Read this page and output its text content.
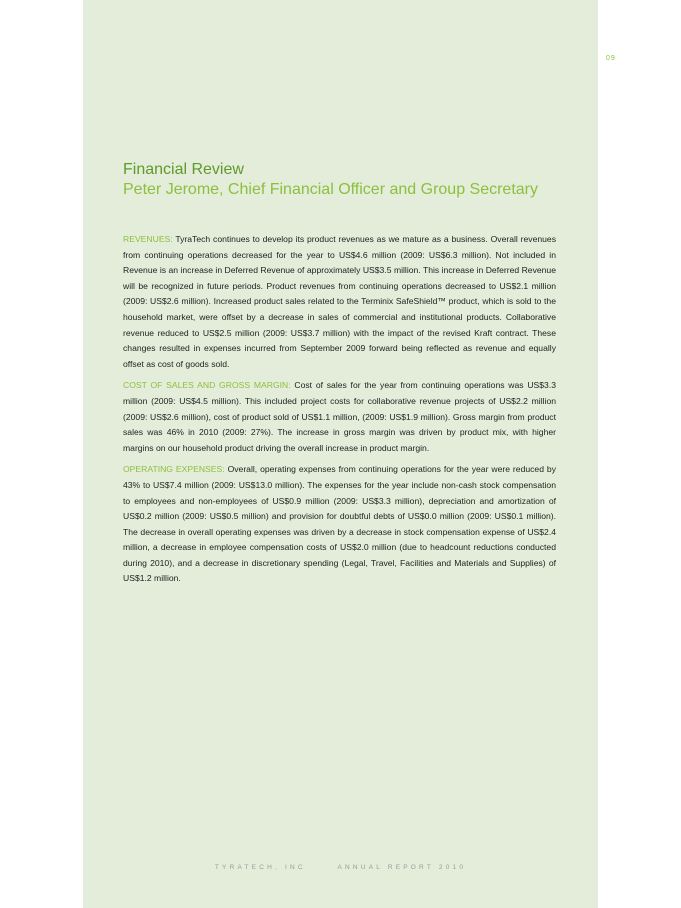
09
Financial Review
Peter Jerome, Chief Financial Officer and Group Secretary

REVENUES: TyraTech continues to develop its product revenues as we mature as a business. Overall revenues from continuing operations decreased for the year to US$4.6 million (2009: US$6.3 million). Not included in Revenue is an increase in Deferred Revenue of approximately US$3.5 million. This increase in Deferred Revenue will be recognized in future periods. Product revenues from continuing operations decreased to US$2.1 million (2009: US$2.6 million). Increased product sales related to the Terminix SafeShield™ product, which is sold to the household market, were offset by a decrease in sales of commercial and institutional products. Collaborative revenue reduced to US$2.5 million (2009: US$3.7 million) with the impact of the revised Kraft contract. These changes resulted in expenses incurred from September 2009 forward being reflected as revenue and equally offset as cost of goods sold.

COST OF SALES AND GROSS MARGIN: Cost of sales for the year from continuing operations was US$3.3 million (2009: US$4.5 million). This included project costs for collaborative revenue projects of US$2.2 million (2009: US$2.6 million), cost of product sold of US$1.1 million, (2009: US$1.9 million). Gross margin from product sales was 46% in 2010 (2009: 27%). The increase in gross margin was driven by product mix, with higher margins on our household product driving the overall increase in product margin.

OPERATING EXPENSES: Overall, operating expenses from continuing operations for the year were reduced by 43% to US$7.4 million (2009: US$13.0 million). The expenses for the year include non-cash stock compensation to employees and non-employees of US$0.9 million (2009: US$3.3 million), depreciation and amortization of US$0.2 million (2009: US$0.5 million) and provision for doubtful debts of US$0.0 million (2009: US$0.1 million). The decrease in overall operating expenses was driven by a decrease in stock compensation expense of US$2.4 million, a decrease in employee compensation costs of US$2.0 million (due to headcount reductions conducted during 2010), and a decrease in discretionary spending (Legal, Travel, Facilities and Materials and Supplies) of US$1.2 million.

TYRATECH, INC	ANNUAL REPORT 2010
